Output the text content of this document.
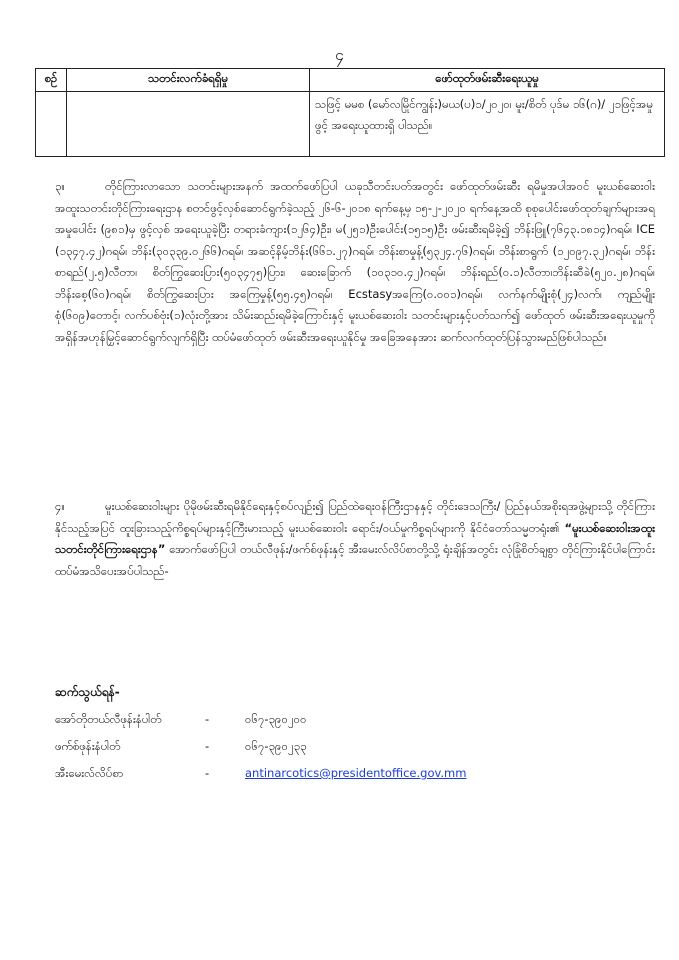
၄
စဉ်	သတင်းလက်ခံရရှိမှု	ဖော်ထုတ်ဖမ်းဆီးရေးယူမှု
		သဖြင့် မမစ (မော်လမြိုင်ကျွန်း)မယ(ပ)၁/၂၀၂၀၊ မူး/စိတ် ပုဒ်မ ၁၆(ဂ)/ ၂၁ဖြင့်အမှုဖွင့် အရေးယူထားရှိ ပါသည်။
၃။	တိုင်ကြားလာသော သတင်းများအနက် အထက်ဖော်ပြပါ ယခုသီတင်းပတ်အတွင်း ဖော်ထုတ်ဖမ်းဆီး ရမိမှုအပါအဝင် မူးယစ်ဆေးဝါးအထူးသတင်းတိုင်ကြားရေးဌာန စတင်ဖွင့်လှစ်ဆောင်ရွက်ခဲ့သည့် ၂၆-၆-၂၀၁၈ ရက်နေ့မှ ၁၅-၂-၂၀၂၀ ရက်နေ့အထိ စုစုပေါင်းဖော်ထုတ်ချက်များအရ အမှုပေါင်း (၉၈၁)မှ ဖွင့်လှစ် အရေးယူခဲ့ပြီး တရားခံကျား(၁၂၆၄)ဦး၊ မ(၂၅၁)ဦးပေါင်း(၁၅၁၅)ဦး ဖမ်းဆီးရမိခဲ့၍ ဘိန်းဖြူ(၇၆၄၃.၁၈၁၄)ဂရမ်၊ ICE (၁၃၄၇.၄၂)ဂရမ်၊ ဘိန်း(၃၀၃၃၉.၀၂၆၆)ဂရမ်၊ အဆင့်နိမ့်ဘိန်း(၆၆၁.၂၇)ဂရမ်၊ ဘိန်းစာမှုန့်(၅၃၂၄.၇၆)ဂရမ်၊ ဘိန်းစာရွက် (၁၂၀၉၇.၃၂)ဂရမ်၊ ဘိန်းစာရည်(၂.၅)လီတာ၊ စိတ်ကြွဆေးပြား(၅၀၃၄၇၅)ပြား၊ ဆေးခြောက် (၁၀၃၁၀.၄၂)ဂရမ်၊ ဘိန်းရည်(၀.၁)လီတာ၊ဘိန်းဆီခဲ(၅၂၀.၂၈)ဂရမ်၊ ဘိန်းစေ့(၆၀)ဂရမ်၊ စိတ်ကြွဆေးပြား အကြေမှုန့်(၅၅.၄၅)ဂရမ်၊ Ecstasyအကြေ(၀.၀၀၁)ဂရမ်၊ လက်နက်မျိုးစုံ(၂၄)လက်၊ ကျည်မျိုးစုံ(၆၀၉)တောင့်၊ လက်ပစ်ဗုံး(၁)လုံးတို့အား သိမ်းဆည်းရမိခဲ့ကြောင်းနှင့် မူးယစ်ဆေးဝါး သတင်းများနှင့်ပတ်သက်၍ ဖော်ထုတ် ဖမ်းဆီးအရေးယူမှုကို အရှိန်အဟုန်မြှင့်ဆောင်ရွက်လျက်ရှိပြီး ထပ်မံဖော်ထုတ် ဖမ်းဆီးအရေးယူနိုင်မှု အခြေအနေအား ဆက်လက်ထုတ်ပြန်သွားမည်ဖြစ်ပါသည်။
၄။	မူးယစ်ဆေးဝါးများ ပိုမိုဖမ်းဆီးရမိနိုင်ရေးနှင့်စပ်လျဉ်း၍ ပြည်ထဲရေးဝန်ကြီးဌာနနှင့် တိုင်းဒေသကြီး/ ပြည်နယ်အစိုးရအဖွဲ့များသို့ တိုင်ကြားနိုင်သည့်အပြင် ထူးခြားသည့်ကိစ္စရပ်များနှင့်ကြီးမားသည့် မူးယစ်ဆေးဝါး ရောင်း/ဝယ်မှုကိစ္စရပ်များကို နိုင်ငံတော်သမ္မတရုံး၏ “မူးယစ်ဆေးဝါးအထူးသတင်းတိုင်ကြားရေးဌာန” အောက်ဖော်ပြပါ တယ်လီဖုန်း/ဖက်စ်ဖုန်းနှင့် အီးမေးလ်လိပ်စာတို့သို့ ရုံးချိန်အတွင်း လုံခြုံစိတ်ချစွာ တိုင်ကြားနိုင်ပါကြောင်း ထပ်မံအသိပေးအပ်ပါသည်-
ဆက်သွယ်ရန်-
အော်တိုတယ်လီဖုန်းနံပါတ်	-	၀၆၇-၃၉၀၂၀၀
ဖက်စ်ဖုန်းနံပါတ်	-	၀၆၇-၃၉၀၂၃၃
အီးမေးလ်လိပ်စာ	-	antinarcotics@presidentoffice.gov.mm
